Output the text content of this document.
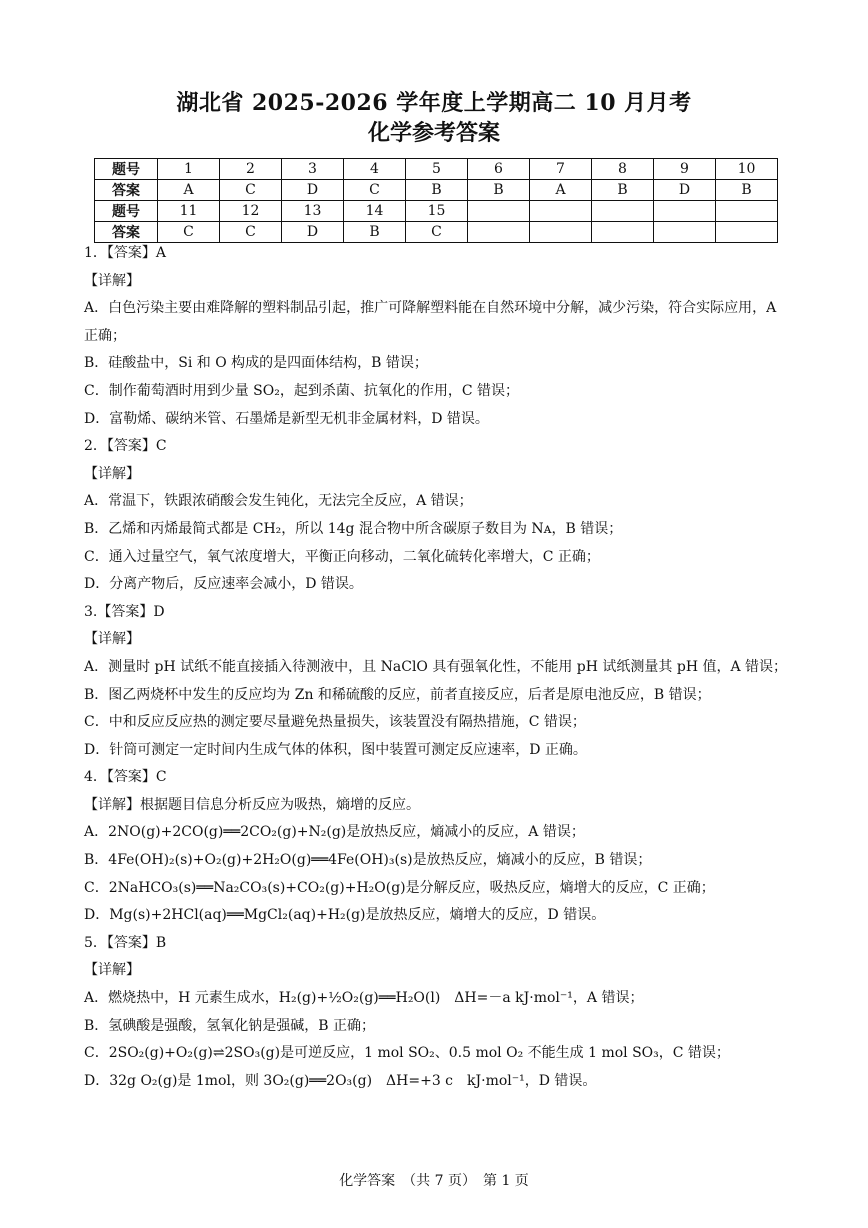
湖北省 2025-2026 学年度上学期高二 10 月月考
化学参考答案
题号	1	2	3	4	5	6	7	8	9	10
答案	A	C	D	C	B	B	A	B	D	B
题号	11	12	13	14	15					
答案	C	C	D	B	C					
1．【答案】A
【详解】
A．白色污染主要由难降解的塑料制品引起，推广可降解塑料能在自然环境中分解，减少污染，符合实际应用，A 正确；
B．硅酸盐中，Si 和 O 构成的是四面体结构，B 错误；
C．制作葡萄酒时用到少量 SO₂，起到杀菌、抗氧化的作用，C 错误；
D．富勒烯、碳纳米管、石墨烯是新型无机非金属材料，D 错误。
2．【答案】C
【详解】
A．常温下，铁跟浓硝酸会发生钝化，无法完全反应，A 错误；
B．乙烯和丙烯最简式都是 CH₂，所以 14g 混合物中所含碳原子数目为 Nᴀ，B 错误；
C．通入过量空气，氧气浓度增大，平衡正向移动，二氧化硫转化率增大，C 正确；
D．分离产物后，反应速率会减小，D 错误。
3.【答案】D
【详解】
A．测量时 pH 试纸不能直接插入待测液中，且 NaClO 具有强氧化性，不能用 pH 试纸测量其 pH 值，A 错误；
B．图乙两烧杯中发生的反应均为 Zn 和稀硫酸的反应，前者直接反应，后者是原电池反应，B 错误；
C．中和反应反应热的测定要尽量避免热量损失，该装置没有隔热措施，C 错误；
D．针筒可测定一定时间内生成气体的体积，图中装置可测定反应速率，D 正确。
4．【答案】C
【详解】根据题目信息分析反应为吸热，熵增的反应。
A．2NO(g)+2CO(g)══2CO₂(g)+N₂(g)是放热反应，熵减小的反应，A 错误；
B．4Fe(OH)₂(s)+O₂(g)+2H₂O(g)══4Fe(OH)₃(s)是放热反应，熵减小的反应，B 错误；
C．2NaHCO₃(s)══Na₂CO₃(s)+CO₂(g)+H₂O(g)是分解反应，吸热反应，熵增大的反应，C 正确；
D．Mg(s)+2HCl(aq)══MgCl₂(aq)+H₂(g)是放热反应，熵增大的反应，D 错误。
5．【答案】B
【详解】
A．燃烧热中，H 元素生成水，H₂(g)+½O₂(g)══H₂O(l)　ΔH=－a kJ·mol⁻¹，A 错误；
B．氢碘酸是强酸，氢氧化钠是强碱，B 正确；
C．2SO₂(g)+O₂(g)⇌2SO₃(g)是可逆反应，1 mol SO₂、0.5 mol O₂ 不能生成 1 mol SO₃，C 错误；
D．32g O₂(g)是 1mol，则 3O₂(g)══2O₃(g)　ΔH=+3 c　kJ·mol⁻¹，D 错误。
化学答案　（共 7 页）　第 1 页
